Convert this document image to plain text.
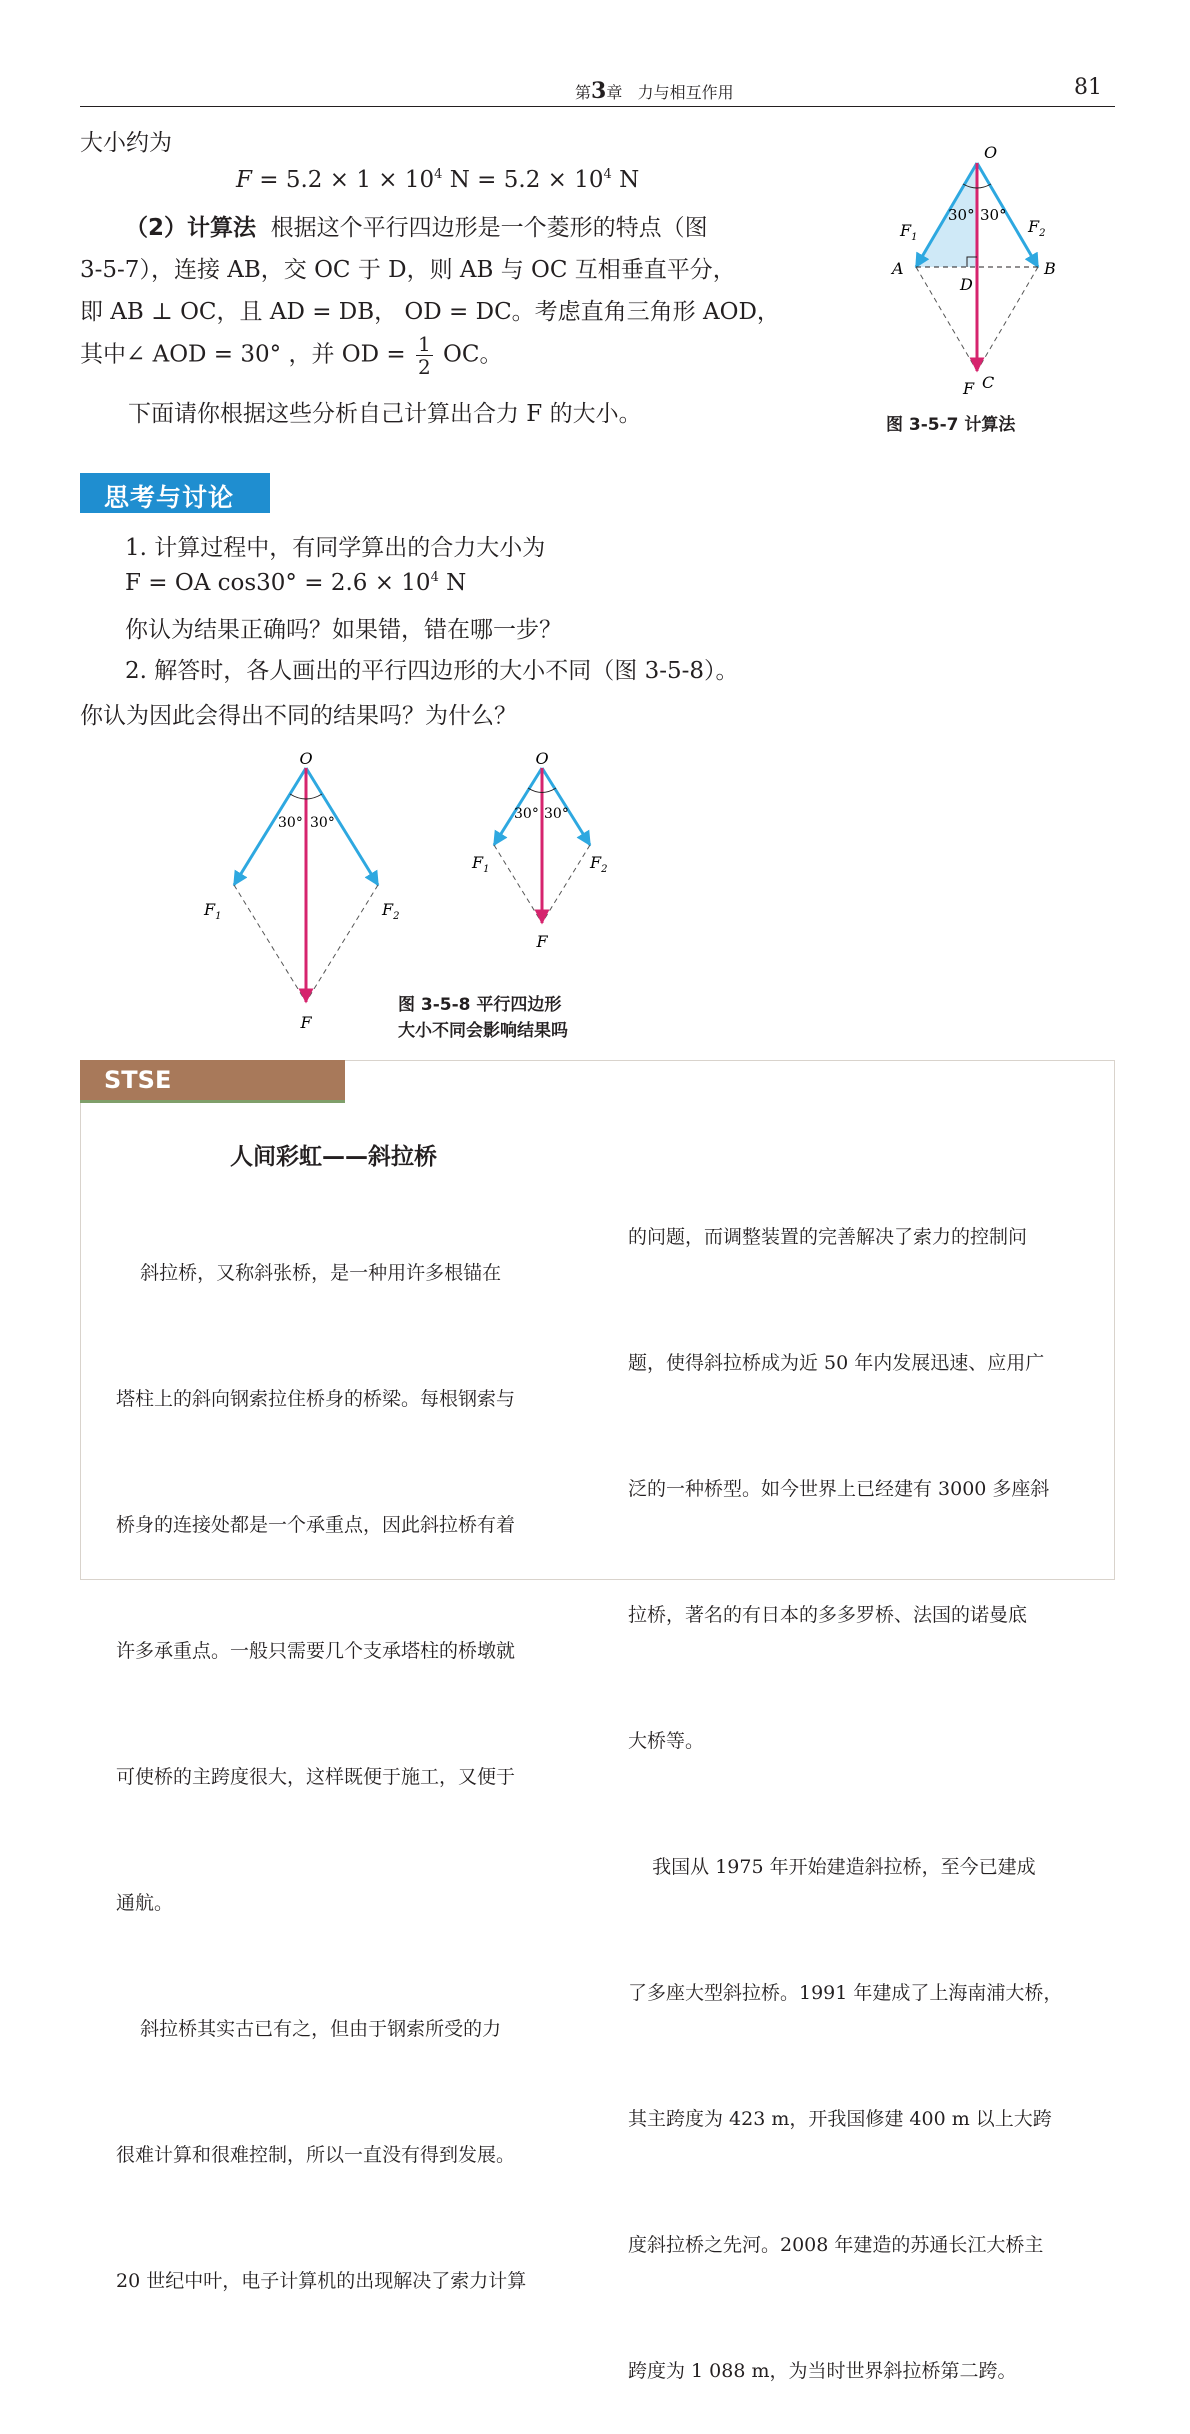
第3章 力与相互作用	81
大小约为
$F = 5.2 \times 1 \times 10^4$ $N = 5.2 \times 10^4$ N
（2）计算法 根据这个平行四边形是一个菱形的特点（图
3-5-7），连接 AB，交 OC 于 D，则 AB 与 OC 互相垂直平分，
即 AB ⊥ OC，且 AD = DB， OD = DC。考虑直角三角形 AOD，
其中∠ AOD = 30° ，并 OD = $\frac{1}{2}$ OC。
下面请你根据这些分析自己计算出合力 F 的大小。
O
30° 30°
$F_1$
$F_2$
A	B
D
F C
图 3-5-7 计算法
思考与讨论
1. 计算过程中，有同学算出的合力大小为
F = OA $\cos 30^\circ = 2.6 \times 10^4$ N
你认为结果正确吗？如果错，错在哪一步？
2. 解答时，各人画出的平行四边形的大小不同（图 3-5-8）。
你认为因此会得出不同的结果吗？为什么？
O
30° 30°
$F_1$	$F_2$
F
O
30° 30°
$F_1$	$F_2$
F
图 3-5-8 平行四边形
大小不同会影响结果吗
STSE
人间彩虹——斜拉桥

斜拉桥，又称斜张桥，是一种用许多根锚在

塔柱上的斜向钢索拉住桥身的桥梁。每根钢索与

桥身的连接处都是一个承重点，因此斜拉桥有着

许多承重点。一般只需要几个支承塔柱的桥墩就

可使桥的主跨度很大，这样既便于施工，又便于

通航。

斜拉桥其实古已有之，但由于钢索所受的力

很难计算和很难控制，所以一直没有得到发展。

20 世纪中叶，电子计算机的出现解决了索力计算

的问题，而调整装置的完善解决了索力的控制问

题，使得斜拉桥成为近 50 年内发展迅速、应用广

泛的一种桥型。如今世界上已经建有 3000 多座斜

拉桥，著名的有日本的多多罗桥、法国的诺曼底

大桥等。

我国从 1975 年开始建造斜拉桥，至今已建成

了多座大型斜拉桥。1991 年建成了上海南浦大桥，

其主跨度为 423 m，开我国修建 400 m 以上大跨

度斜拉桥之先河。2008 年建造的苏通长江大桥主

跨度为 1 088 m，为当时世界斜拉桥第二跨。
